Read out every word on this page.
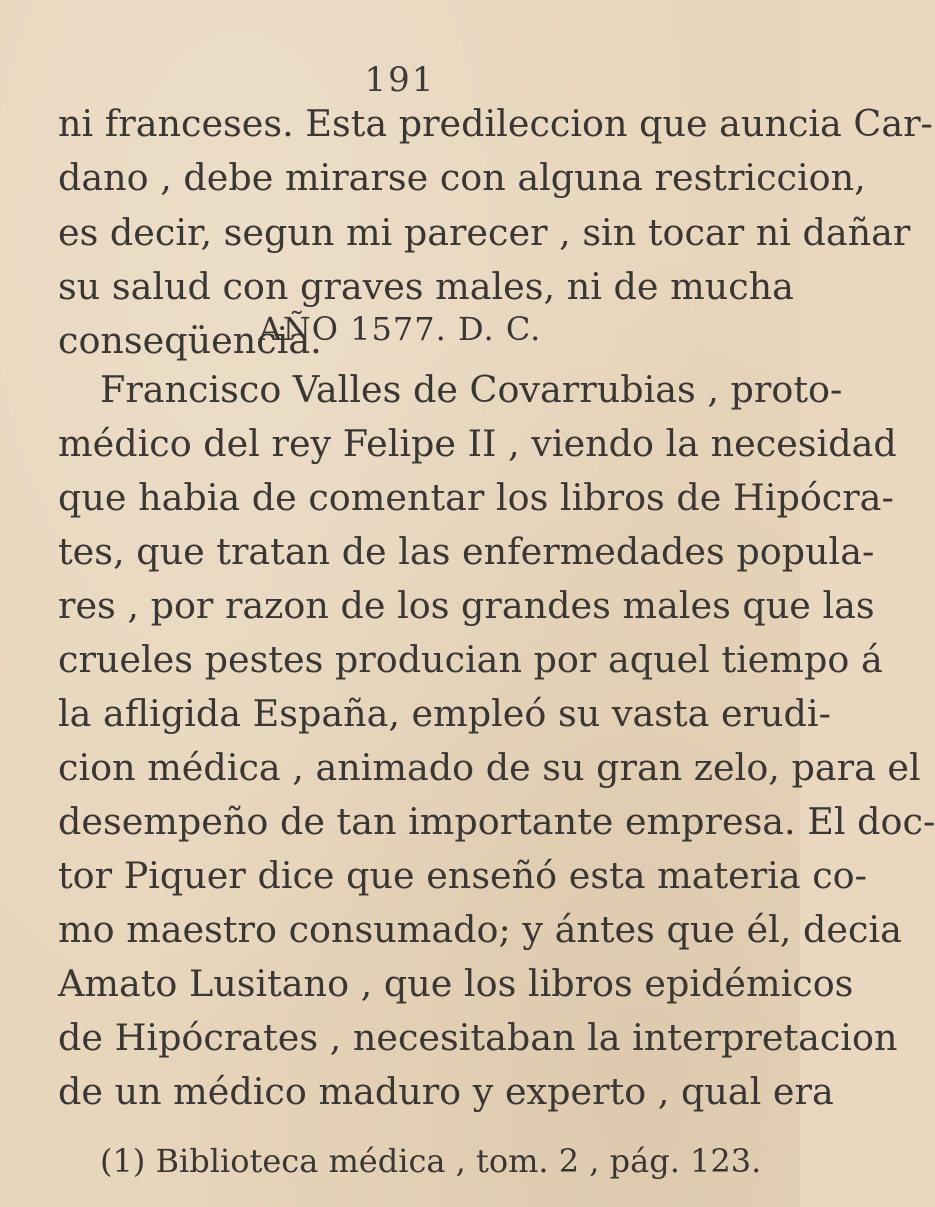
191
ni franceses. Esta predileccion que auncia Car-
dano , debe mirarse con alguna restriccion,
es decir, segun mi parecer , sin tocar ni dañar
su salud con graves males, ni de mucha
conseqüencia.
AÑO 1577. D. C.
Francisco Valles de Covarrubias , proto-
médico del rey Felipe II , viendo la necesidad
que habia de comentar los libros de Hipócra-
tes, que tratan de las enfermedades popula-
res , por razon de los grandes males que las
crueles pestes producian por aquel tiempo á
la afligida España, empleó su vasta erudi-
cion médica , animado de su gran zelo, para el
desempeño de tan importante empresa. El doc-
tor Piquer dice que enseñó esta materia co-
mo maestro consumado; y ántes que él, decia
Amato Lusitano , que los libros epidémicos
de Hipócrates , necesitaban la interpretacion
de un médico maduro y experto , qual era
(1) Biblioteca médica , tom. 2 , pág. 123.
